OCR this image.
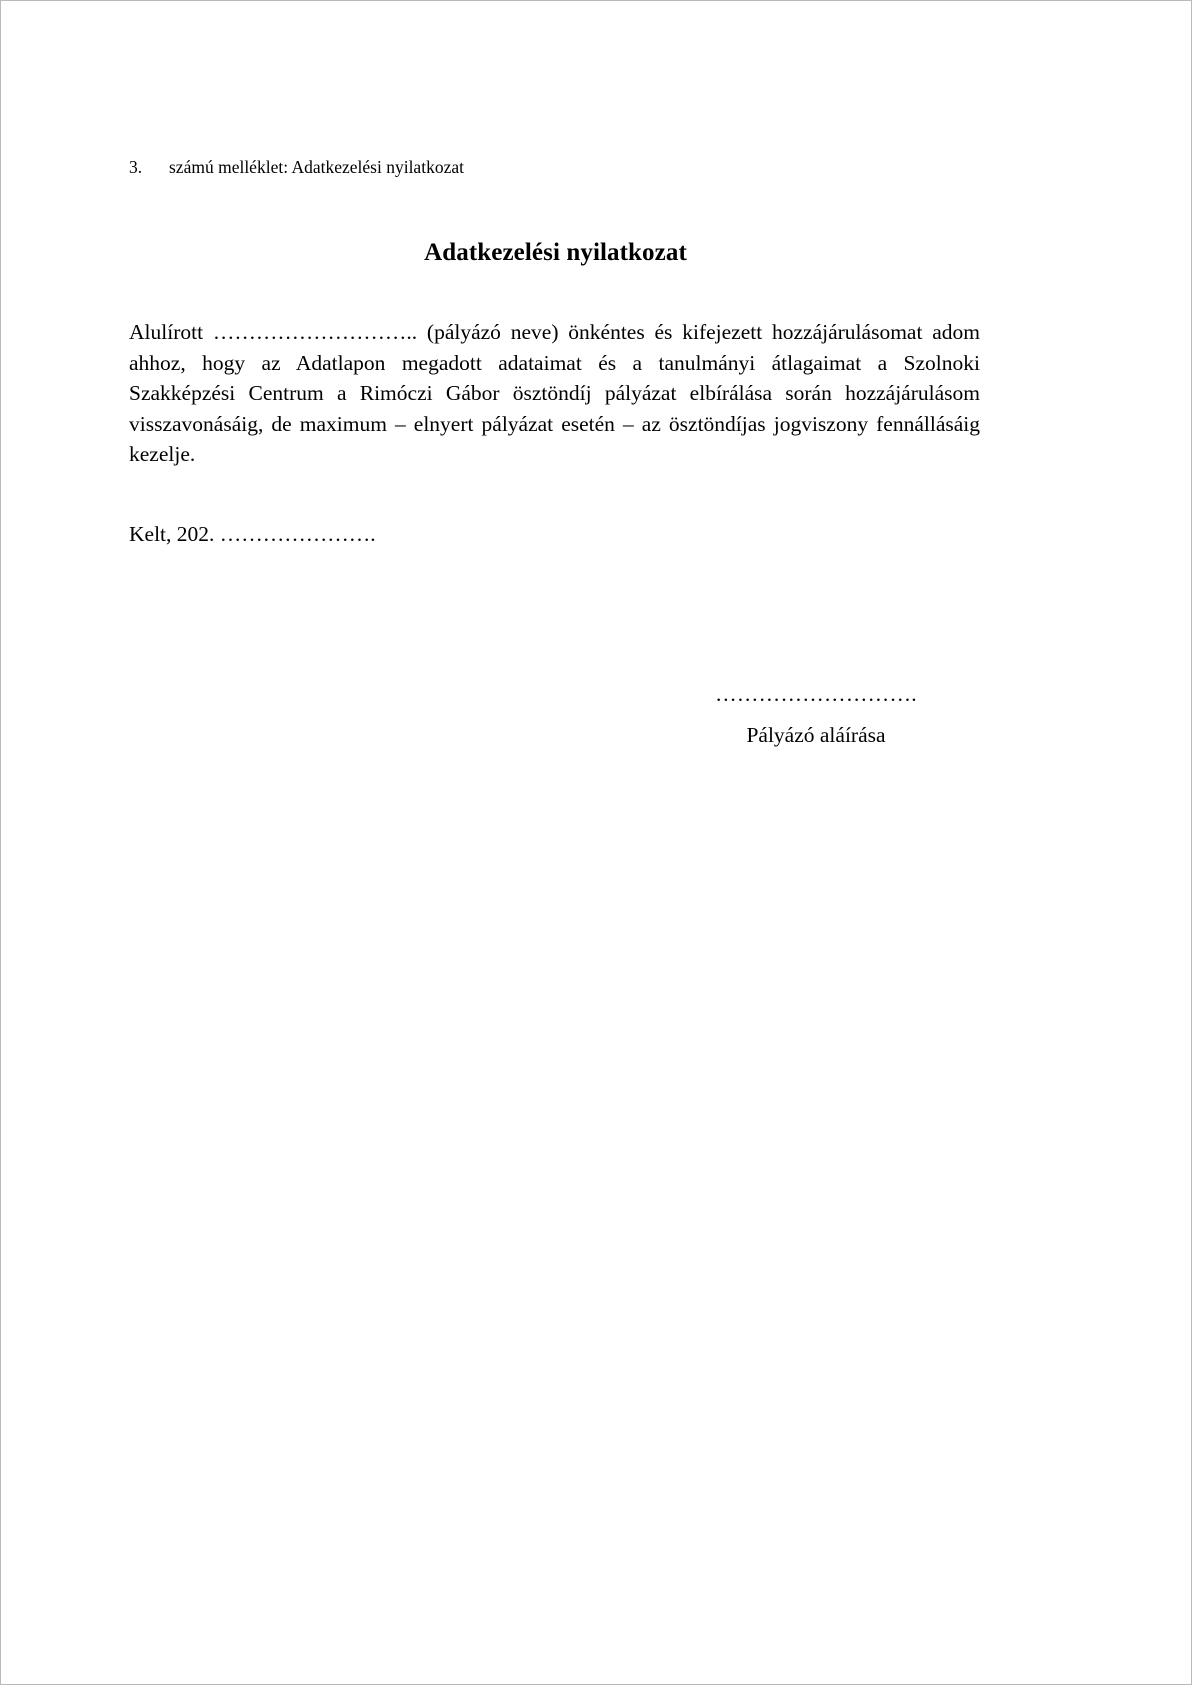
3. számú melléklet: Adatkezelési nyilatkozat
Adatkezelési nyilatkozat
Alulírott ……………………….. (pályázó neve) önkéntes és kifejezett hozzájárulásomat adom
ahhoz, hogy az Adatlapon megadott adataimat és a tanulmányi átlagaimat a Szolnoki
Szakképzési Centrum a Rimóczi Gábor ösztöndíj pályázat elbírálása során hozzájárulásom
visszavonásáig, de maximum – elnyert pályázat esetén – az ösztöndíjas jogviszony fennállásáig
kezelje.
Kelt, 202. ………………….
……………………….
Pályázó aláírása
